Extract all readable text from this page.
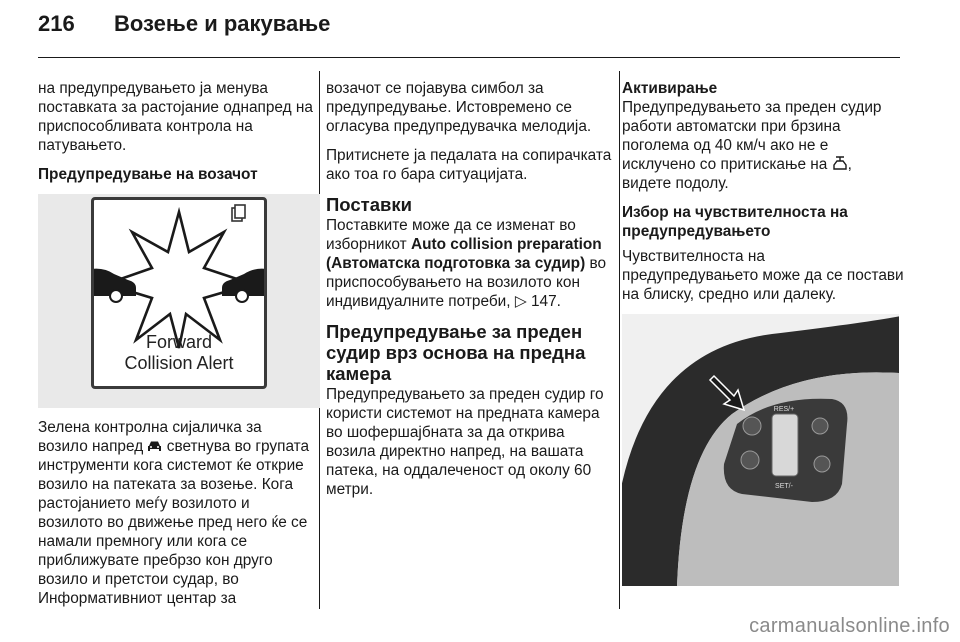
216 Возење и ракување

на предупредувањето ја менува поставката за растојание однапред на приспособливата контрола на патувањето.

Предупредување на возачот

Forward
Collision Alert

Зелена контролна сијаличка за возило напред  светнува во групата инструменти кога системот ќе открие возило на патеката за возење. Кога растојанието меѓу возилото и возилото во движење пред него ќе се намали премногу или кога се приближувате пребрзо кон друго возило и претстои судар, во Информативниот центар за

возачот се појавува симбол за предупредување. Истовремено се огласува предупредувачка мелодија.

Притиснете ја педалата на сопирачката ако тоа го бара ситуацијата.

Поставки

Поставките може да се изменат во изборникот Auto collision preparation (Автоматска подготовка за судир) во приспособувањето на возилото кон индивидуалните потреби, ▷ 147.

Предупредување за преден судир врз основа на предна камера

Предупредувањето за преден судир го користи системот на предната камера во шофершајбната за да открива возила директно напред, на вашата патека, на оддалеченост од околу 60 метри.

Активирање

Предупредувањето за преден судир работи автоматски при брзина поголема од 40 км/ч ако не е исклучено со притискање на , видете подолу.

Избор на чувствителноста на предупредувањето

Чувствителноста на предупредувањето може да се постави на блиску, средно или далеку.

RES/+
SET/-
carmanualsonline.info
